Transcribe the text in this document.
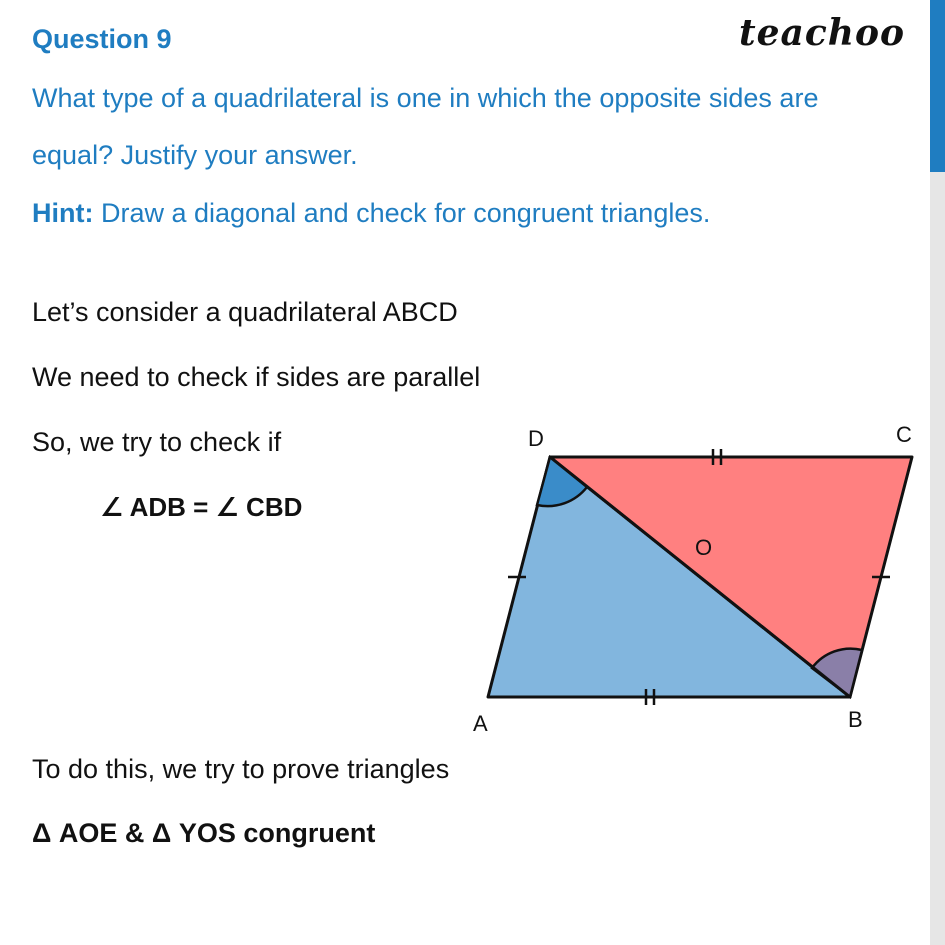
Question 9	teachoo
What type of a quadrilateral is one in which the opposite sides are
equal? Justify your answer.
Hint: Draw a diagonal and check for congruent triangles.
Let’s consider a quadrilateral ABCD
We need to check if sides are parallel
So, we try to check if
∠ ADB = ∠ CBD
To do this, we try to prove triangles
Δ AOE & Δ YOS congruent
D	C
A	B
O
